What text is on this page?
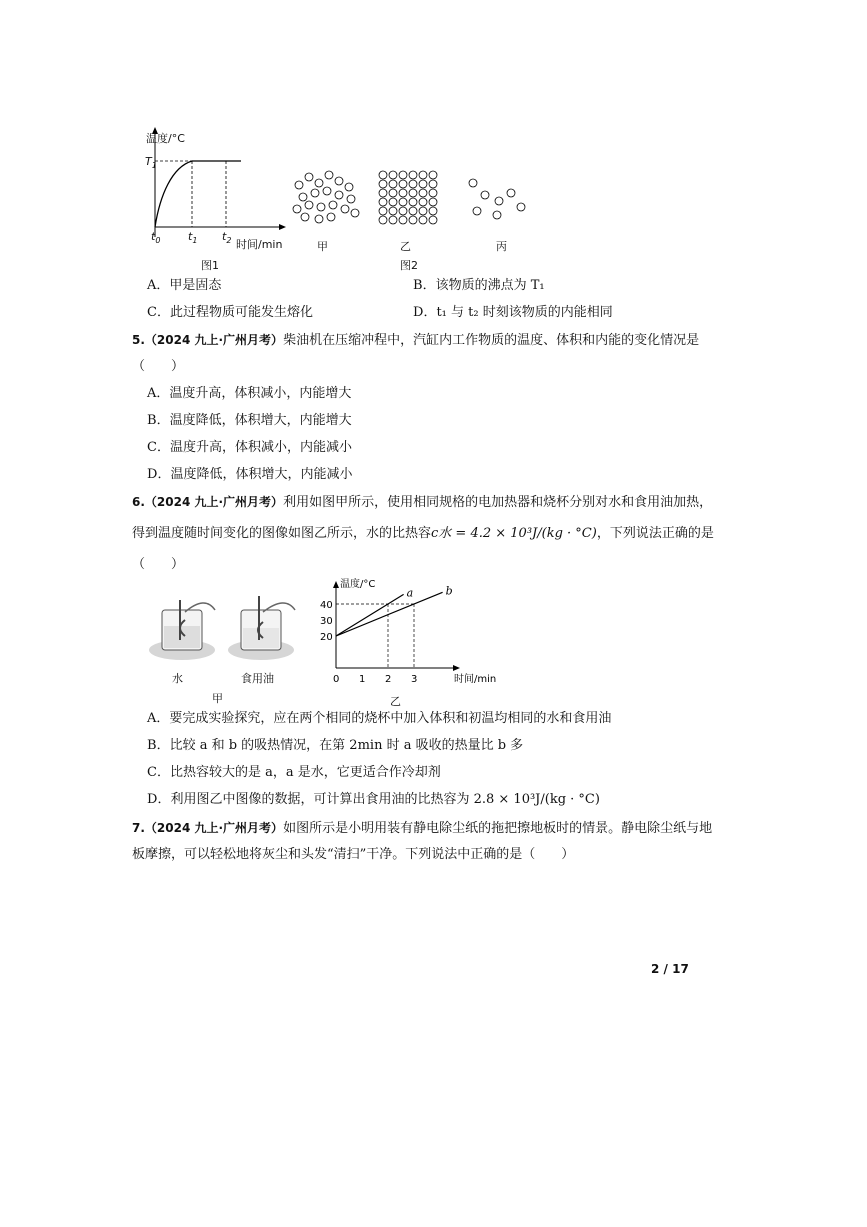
温度/°C
$T_1$
$t_0$	$t_1$ $t_2$ 时间/min
图1
甲	乙	丙
图2
A．甲是固态	B．该物质的沸点为 T₁
C．此过程物质可能发生熔化	D．t₁ 与 t₂ 时刻该物质的内能相同
5.（2024 九上·广州月考）柴油机在压缩冲程中，汽缸内工作物质的温度、体积和内能的变化情况是
（　　）
A．温度升高，体积减小，内能增大
B．温度降低，体积增大，内能增大
C．温度升高，体积减小，内能减小
D．温度降低，体积增大，内能减小
6.（2024 九上·广州月考）利用如图甲所示，使用相同规格的电加热器和烧杯分别对水和食用油加热，
得到温度随时间变化的图像如图乙所示，水的比热容c水 = 4.2 × 10³J/(kg · °C)，下列说法正确的是
（　　）
水	食用油
甲
a	b
0 1 2 3
20
30
40
温度/°C
时间/min
乙
A．要完成实验探究，应在两个相同的烧杯中加入体积和初温均相同的水和食用油
B．比较 a 和 b 的吸热情况，在第 2min 时 a 吸收的热量比 b 多
C．比热容较大的是 a，a 是水，它更适合作冷却剂
D．利用图乙中图像的数据，可计算出食用油的比热容为 2.8 × 10³J/(kg · °C)
7.（2024 九上·广州月考）如图所示是小明用装有静电除尘纸的拖把擦地板时的情景。静电除尘纸与地
板摩擦，可以轻松地将灰尘和头发“清扫”干净。下列说法中正确的是（　　）
2 / 17
